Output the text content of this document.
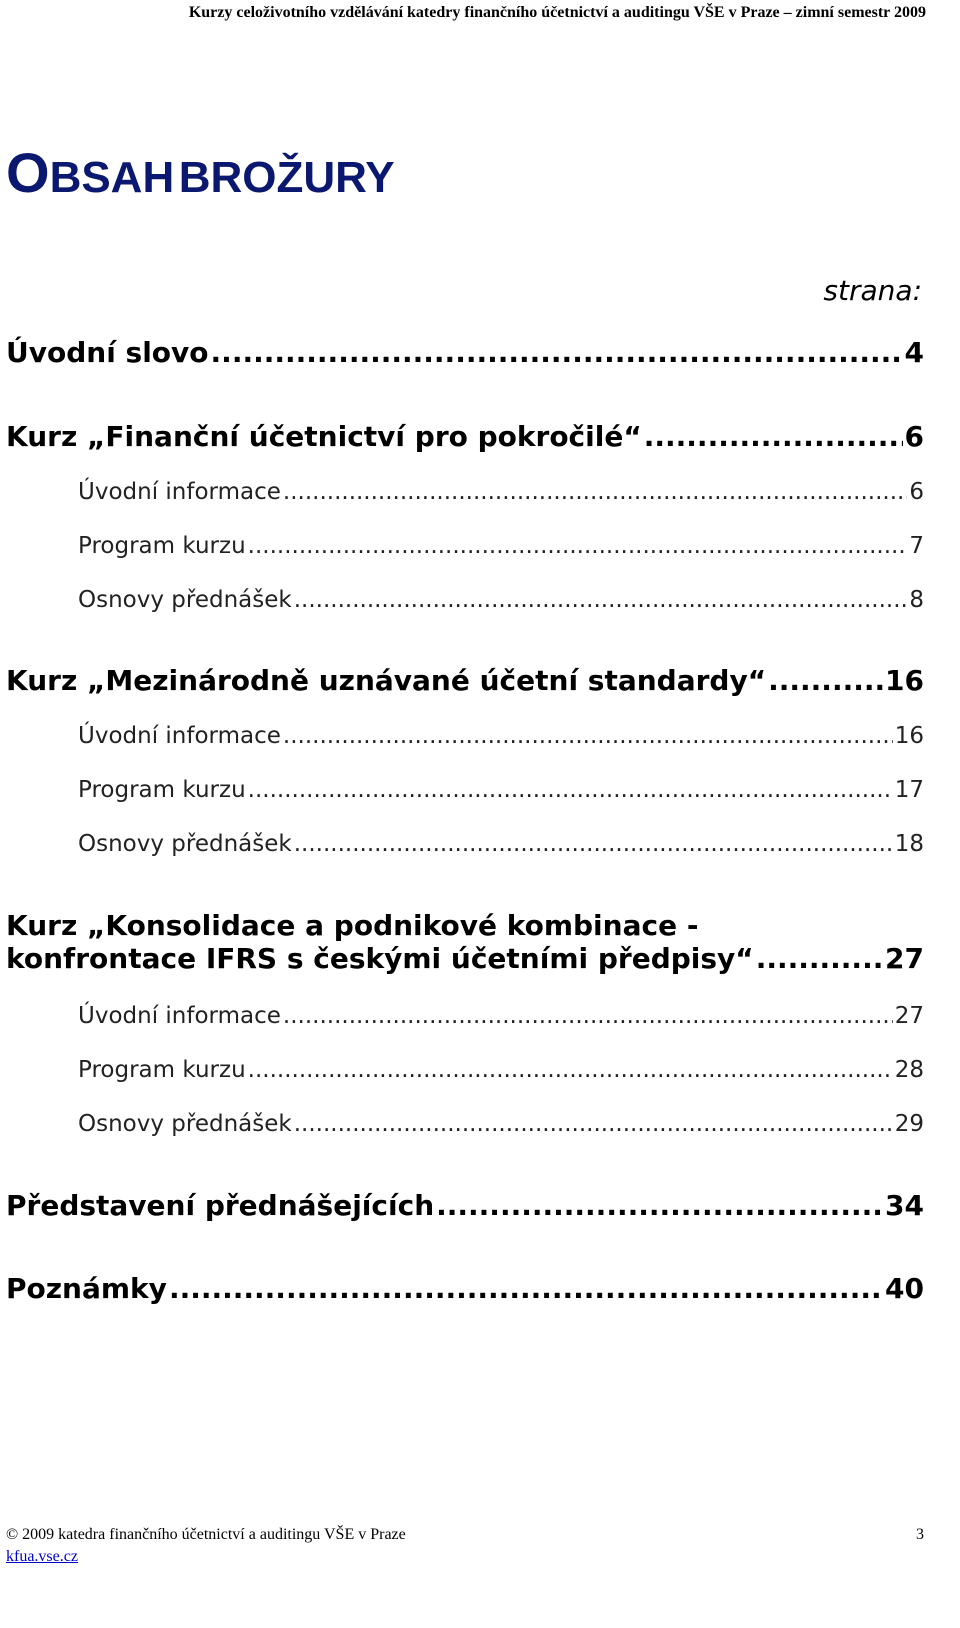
Kurzy celoživotního vzdělávání katedry finančního účetnictví a auditingu VŠE v Praze – zimní semestr 2009
OBSAH BROŽURY
strana:
Úvodní slovo .....	4
Kurz „Finanční účetnictví pro pokročilé“ .....	6
Úvodní informace .....	6
Program kurzu .....	7
Osnovy přednášek .....	8
Kurz „Mezinárodně uznávané účetní standardy“ .....	16
Úvodní informace .....	16
Program kurzu .....	17
Osnovy přednášek .....	18
Kurz „Konsolidace a podnikové kombinace -
konfrontace IFRS s českými účetními předpisy“ .....	27
Úvodní informace .....	27
Program kurzu .....	28
Osnovy přednášek .....	29
Představení přednášejících .....	34
Poznámky .....	40
© 2009 katedra finančního účetnictví a auditingu VŠE v Praze	3
kfua.vse.cz
